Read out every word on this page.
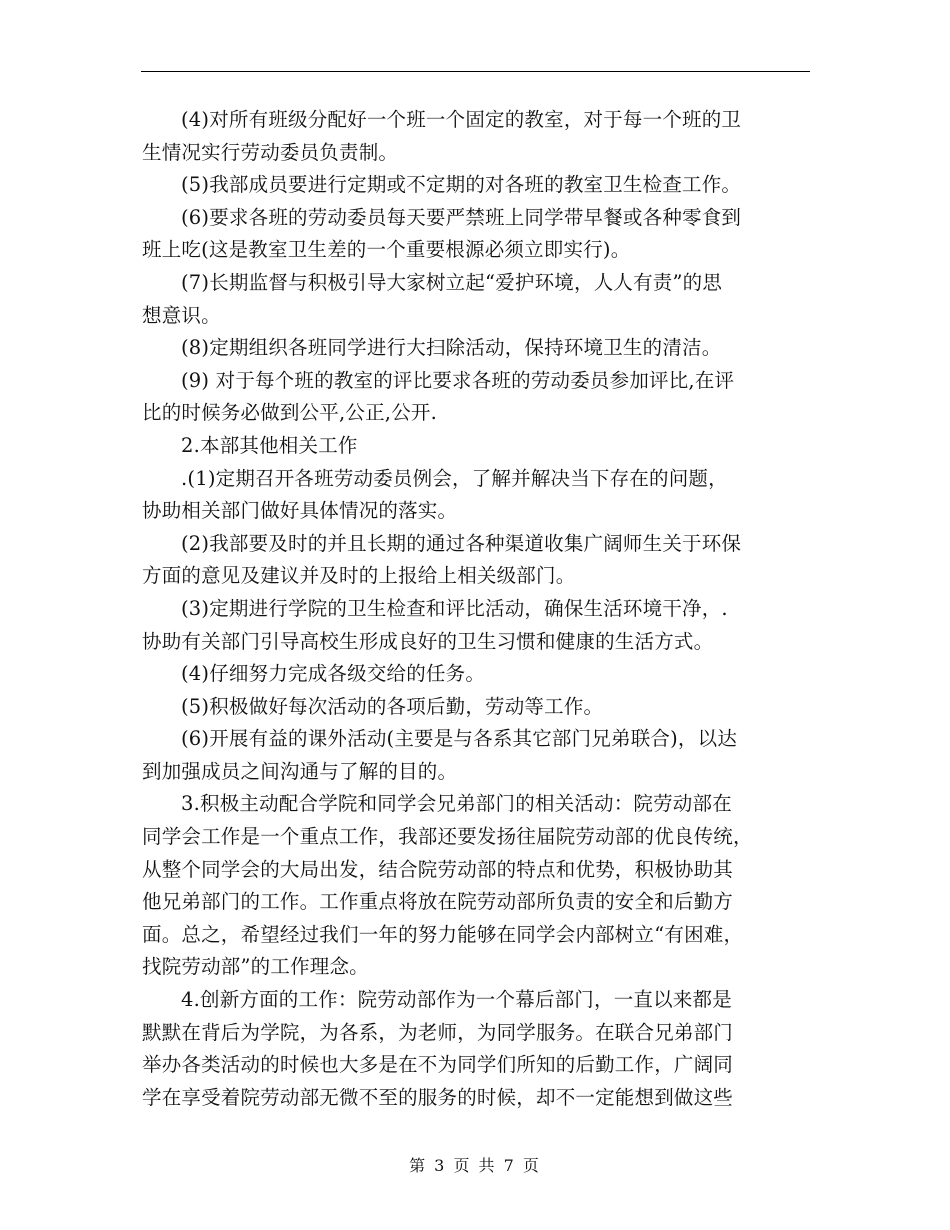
(4)对所有班级分配好一个班一个固定的教室，对于每一个班的卫
生情况实行劳动委员负责制。

(5)我部成员要进行定期或不定期的对各班的教室卫生检查工作。

(6)要求各班的劳动委员每天要严禁班上同学带早餐或各种零食到
班上吃(这是教室卫生差的一个重要根源必须立即实行)。

(7)长期监督与积极引导大家树立起“爱护环境，人人有责”的思
想意识。

(8)定期组织各班同学进行大扫除活动，保持环境卫生的清洁。

(9) 对于每个班的教室的评比要求各班的劳动委员参加评比,在评
比的时候务必做到公平,公正,公开.

2.本部其他相关工作

.(1)定期召开各班劳动委员例会，了解并解决当下存在的问题，
协助相关部门做好具体情况的落实。

(2)我部要及时的并且长期的通过各种渠道收集广阔师生关于环保
方面的意见及建议并及时的上报给上相关级部门。

(3)定期进行学院的卫生检查和评比活动，确保生活环境干净，.
协助有关部门引导高校生形成良好的卫生习惯和健康的生活方式。

(4)仔细努力完成各级交给的任务。

(5)积极做好每次活动的各项后勤，劳动等工作。

(6)开展有益的课外活动(主要是与各系其它部门兄弟联合)，以达
到加强成员之间沟通与了解的目的。

3.积极主动配合学院和同学会兄弟部门的相关活动：院劳动部在
同学会工作是一个重点工作，我部还要发扬往届院劳动部的优良传统，
从整个同学会的大局出发，结合院劳动部的特点和优势，积极协助其
他兄弟部门的工作。工作重点将放在院劳动部所负责的安全和后勤方
面。总之，希望经过我们一年的努力能够在同学会内部树立“有困难，
找院劳动部”的工作理念。

4.创新方面的工作：院劳动部作为一个幕后部门，一直以来都是
默默在背后为学院，为各系，为老师，为同学服务。在联合兄弟部门
举办各类活动的时候也大多是在不为同学们所知的后勤工作，广阔同
学在享受着院劳动部无微不至的服务的时候，却不一定能想到做这些

第 3 页 共 7 页
